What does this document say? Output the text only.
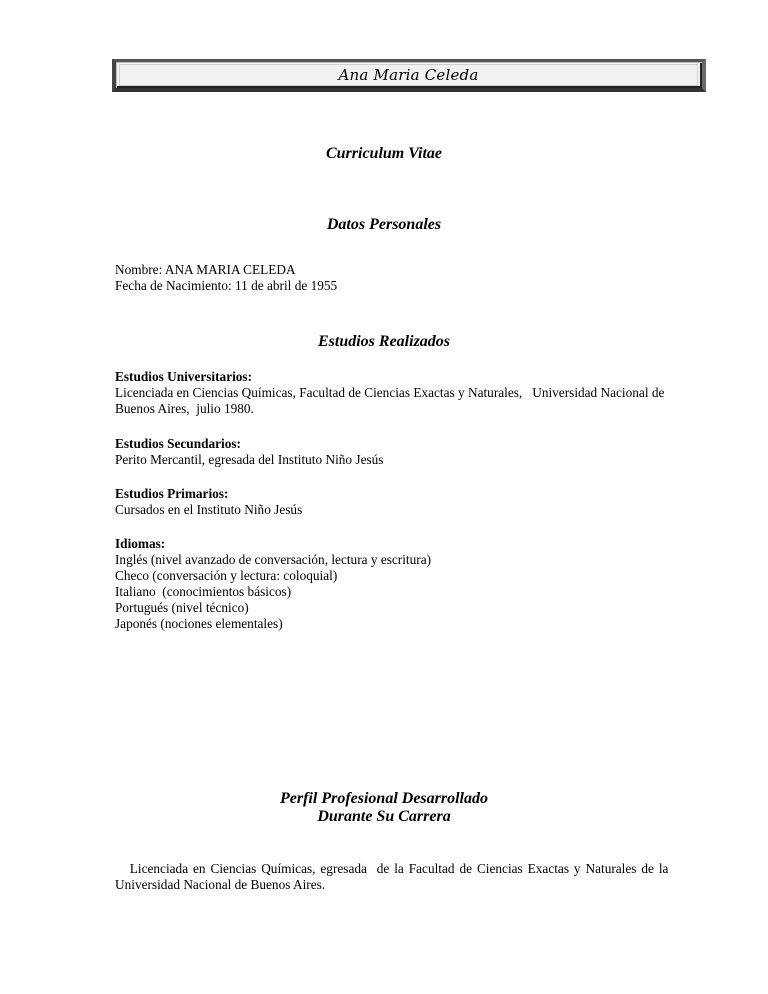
Ana Maria Celeda
Curriculum Vitae
Datos Personales
Nombre: ANA MARIA CELEDA
Fecha de Nacimiento: 11 de abril de 1955
Estudios Realizados
Estudios Universitarios:
Licenciada en Ciencias Químicas, Facultad de Ciencias Exactas y Naturales,   Universidad Nacional de
Buenos Aires,  julio 1980.
Estudios Secundarios:
Perito Mercantil, egresada del Instituto Niño Jesús
Estudios Primarios:
Cursados en el Instituto Niño Jesús
Idiomas:
Inglés (nivel avanzado de conversación, lectura y escritura)
Checo (conversación y lectura: coloquial)
Italiano  (conocimientos básicos)
Portugués (nivel técnico)
Japonés (nociones elementales)
Perfil Profesional Desarrollado
Durante Su Carrera
Licenciada en Ciencias Químicas, egresada  de la Facultad de Ciencias Exactas y Naturales de la
Universidad Nacional de Buenos Aires.
